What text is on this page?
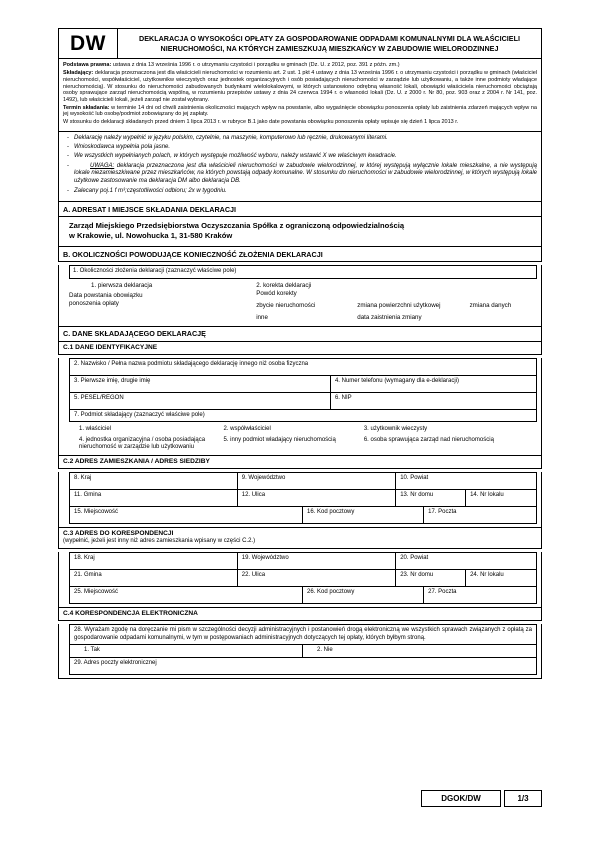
DW	DEKLARACJA O WYSOKOŚCI OPŁATY ZA GOSPODAROWANIE ODPADAMI KOMUNALNYMI DLA WŁAŚCICIELI NIERUCHOMOŚCI, NA KTÓRYCH ZAMIESZKUJĄ MIESZKAŃCY W ZABUDOWIE WIELORODZINNEJ

Podstawa prawna: ustawa z dnia 13 września 1996 r. o utrzymaniu czystości i porządku w gminach (Dz. U. z 2012, poz. 391 z późn. zm.)

Składający: deklaracja przeznaczona jest dla właścicieli nieruchomości w rozumieniu art. 2 ust. 1 pkt 4 ustawy z dnia 13 września 1996 r. o utrzymaniu czystości i porządku w gminach (właściciel nieruchomości, współwłaściciel, użytkownikw wieczystych oraz jednostek organizacyjnych i osób posiadających nieruchomości w zarządzie lub użytkowaniu, a także inne podmioty władające nieruchomością). W stosunku do nieruchomości zabudowanych budynkami wielolokalowymi, w których ustanowiono odrębną własność lokali, obowiązki właściciela nieruchomości obciążają osoby sprawujące zarząd nieruchomością wspólną, w rozumieniu przepisów ustawy z dnia 24 czerwca 1994 r. o własności lokali (Dz. U. z 2000 r. Nr 80, poz. 903 oraz z 2004 r. Nr 141, poz. 1492), lub właścicieli lokali, jeżeli zarząd nie został wybrany.

Termin składania: w terminie 14 dni od chwili zaistnienia okoliczności mających wpływ na powstanie, albo wygaśnięcie obowiązku ponoszenia opłaty lub zaistnienia zdarzeń mających wpływ na jej wysokość lub osobę/podmiot zobowiązany do jej zapłaty.

W stosunku do deklaracji składanych przed dniem 1 lipca 2013 r. w rubryce B.1 jako date powstania obowiązku ponoszenia opłaty wpisuje się dzień 1 lipca 2013 r.

- Deklarację należy wypełnić w języku polskim, czytelnie, na maszynie, komputerowo lub ręcznie, drukowanymi literami.
- Wnioskodawca wypełnia pola jasne.
- We wszystkich wypełnianych polach, w których występuje możliwość wyboru, należy wstawić X we właściwym kwadracie.
- UWAGA: deklaracja przeznaczona jest dla właścicieli nieruchomości w zabudowie wielorodzinnej, w której występują wyłącznie lokale mieszkalne, a nie występują lokale niezamieszkiwane przez mieszkańców, na których powstają odpady komunalne. W stosunku do nieruchomości w zabudowie wielorodzinnej, w których występują lokale użytkowe zastosowanie ma deklaracja DM albo deklaracja DB.
- Zalecany poj.1 f m³;częstotliwości odbioru; 2x w tygodniu.
A. ADRESAT I MIEJSCE SKŁADANIA DEKLARACJI
Zarząd Miejskiego Przedsiębiorstwa Oczyszczania Spółka z ograniczoną odpowiedzialnością
w Krakowie, ul. Nowohucka 1, 31-580 Kraków
B. OKOLICZNOŚCI POWODUJĄCE KONIECZNOŚĆ ZŁOŻENIA DEKLARACJI
1. Okoliczności złożenia deklaracji (zaznaczyć właściwe pole)
1. pierwsza deklaracja
Data powstania obowiązku
ponoszenia opłaty
2. korekta deklaracji
Powód korekty
zbycie nieruchomości	zmiana powierzchni użytkowej	zmiana danych
inne	data zaistnienia zmiany
C. DANE SKŁADAJĄCEGO DEKLARACJĘ
C.1 DANE IDENTYFIKACYJNE
2. Nazwisko / Pełna nazwa podmiotu składającego deklarację innego niż osoba fizyczna
3. Pierwsze imię, drugie imię	4. Numer telefonu (wymagany dla e-deklaracji)
5. PESEL/REGON	6. NIP
7. Podmiot składający (zaznaczyć właściwe pole)
1. właściciel	2. współwłaściciel	3. użytkownik wieczysty
4. jednostka organizacyjna / osoba posiadająca nieruchomość w zarządzie lub użytkowaniu
5. inny podmiot władający nieruchomością	6. osoba sprawująca zarząd nad nieruchomością
C.2 ADRES ZAMIESZKANIA / ADRES SIEDZIBY
8. Kraj	9. Województwo	10. Powiat
11. Gmina	12. Ulica	13. Nr domu	14. Nr lokalu
15. Miejscowość	16. Kod pocztowy	17. Poczta
C.3 ADRES DO KORESPONDENCJI
(wypełnić, jeżeli jest inny niż adres zamieszkania wpisany w części C.2.)
18. Kraj	19. Województwo	20. Powiat
21. Gmina	22. Ulica	23. Nr domu	24. Nr lokalu
25. Miejscowość	26. Kod pocztowy	27. Poczta
C.4 KORESPONDENCJA ELEKTRONICZNA
28. Wyrażam zgodę na doręczanie mi pism w szczególności decyzji administracyjnych i postanowień drogą elektroniczną we wszystkich sprawach związanych z opłatą za gospodarowanie odpadami komunalnymi, w tym w postępowaniach administracyjnych dotyczących tej opłaty, których byłbym stroną.
1. Tak	2. Nie
29. Adres poczty elektronicznej
DGOK/DW	1/3
